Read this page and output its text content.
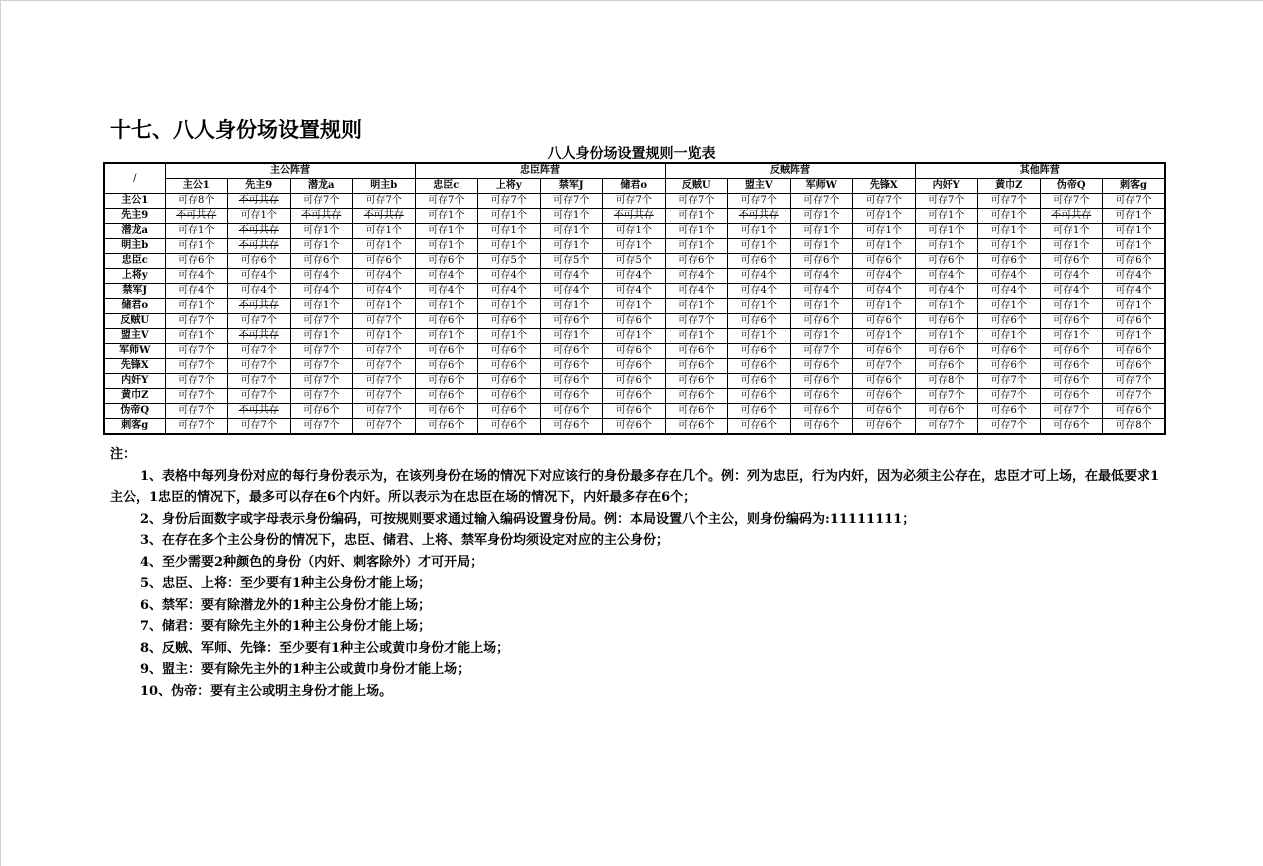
十七、八人身份场设置规则
八人身份场设置规则一览表
/	主公阵营				忠臣阵营				反贼阵营				其他阵营			
	主公1	先主9	潜龙a	明主b	忠臣c	上将y	禁军J	储君o	反贼U	盟主V	军师W	先锋X	内奸Y	黄巾Z	伪帝Q	刺客g
主公1	可存8个	不可共存	可存7个	可存7个	可存7个	可存7个	可存7个	可存7个	可存7个	可存7个	可存7个	可存7个	可存7个	可存7个	可存7个	可存7个
先主9	不可共存	可存1个	不可共存	不可共存	可存1个	可存1个	可存1个	不可共存	可存1个	不可共存	可存1个	可存1个	可存1个	可存1个	不可共存	可存1个
潜龙a	可存1个	不可共存	可存1个	可存1个	可存1个	可存1个	可存1个	可存1个	可存1个	可存1个	可存1个	可存1个	可存1个	可存1个	可存1个	可存1个
明主b	可存1个	不可共存	可存1个	可存1个	可存1个	可存1个	可存1个	可存1个	可存1个	可存1个	可存1个	可存1个	可存1个	可存1个	可存1个	可存1个
忠臣c	可存6个	可存6个	可存6个	可存6个	可存6个	可存5个	可存5个	可存5个	可存6个	可存6个	可存6个	可存6个	可存6个	可存6个	可存6个	可存6个
上将y	可存4个	可存4个	可存4个	可存4个	可存4个	可存4个	可存4个	可存4个	可存4个	可存4个	可存4个	可存4个	可存4个	可存4个	可存4个	可存4个
禁军J	可存4个	可存4个	可存4个	可存4个	可存4个	可存4个	可存4个	可存4个	可存4个	可存4个	可存4个	可存4个	可存4个	可存4个	可存4个	可存4个
储君o	可存1个	不可共存	可存1个	可存1个	可存1个	可存1个	可存1个	可存1个	可存1个	可存1个	可存1个	可存1个	可存1个	可存1个	可存1个	可存1个
反贼U	可存7个	可存7个	可存7个	可存7个	可存6个	可存6个	可存6个	可存6个	可存7个	可存6个	可存6个	可存6个	可存6个	可存6个	可存6个	可存6个
盟主V	可存1个	不可共存	可存1个	可存1个	可存1个	可存1个	可存1个	可存1个	可存1个	可存1个	可存1个	可存1个	可存1个	可存1个	可存1个	可存1个
军师W	可存7个	可存7个	可存7个	可存7个	可存6个	可存6个	可存6个	可存6个	可存6个	可存6个	可存7个	可存6个	可存6个	可存6个	可存6个	可存6个
先锋X	可存7个	可存7个	可存7个	可存7个	可存6个	可存6个	可存6个	可存6个	可存6个	可存6个	可存6个	可存7个	可存6个	可存6个	可存6个	可存6个
内奸Y	可存7个	可存7个	可存7个	可存7个	可存6个	可存6个	可存6个	可存6个	可存6个	可存6个	可存6个	可存6个	可存8个	可存7个	可存6个	可存7个
黄巾Z	可存7个	可存7个	可存7个	可存7个	可存6个	可存6个	可存6个	可存6个	可存6个	可存6个	可存6个	可存6个	可存7个	可存7个	可存6个	可存7个
伪帝Q	可存7个	不可共存	可存6个	可存7个	可存6个	可存6个	可存6个	可存6个	可存6个	可存6个	可存6个	可存6个	可存6个	可存6个	可存7个	可存6个
刺客g	可存7个	可存7个	可存7个	可存7个	可存6个	可存6个	可存6个	可存6个	可存6个	可存6个	可存6个	可存6个	可存7个	可存7个	可存6个	可存8个
注：
1、表格中每列身份对应的每行身份表示为，在该列身份在场的情况下对应该行的身份最多存在几个。例：列为忠臣，行为内奸，因为必须主公存在，忠臣才可上场，在最低要求1主公，1忠臣的情况下，最多可以存在6个内奸。所以表示为在忠臣在场的情况下，内奸最多存在6个；
2、身份后面数字或字母表示身份编码，可按规则要求通过输入编码设置身份局。例：本局设置八个主公，则身份编码为:11111111；
3、在存在多个主公身份的情况下，忠臣、储君、上将、禁军身份均须设定对应的主公身份；
4、至少需要2种颜色的身份（内奸、刺客除外）才可开局；
5、忠臣、上将：至少要有1种主公身份才能上场；
6、禁军：要有除潜龙外的1种主公身份才能上场；
7、储君：要有除先主外的1种主公身份才能上场；
8、反贼、军师、先锋：至少要有1种主公或黄巾身份才能上场；
9、盟主：要有除先主外的1种主公或黄巾身份才能上场；
10、伪帝：要有主公或明主身份才能上场。
